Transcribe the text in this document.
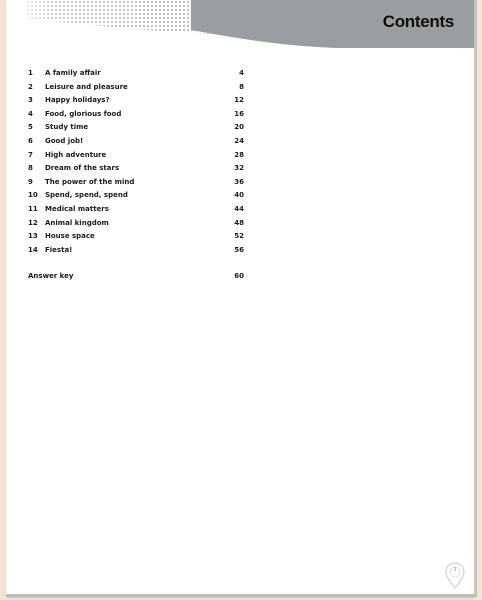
Contents
1 A family affair	4
2 Leisure and pleasure	8
3 Happy holidays?	12
4 Food, glorious food	16
5 Study time	20
6 Good job!	24
7 High adventure	28
8 Dream of the stars	32
9 The power of the mind	36
10 Spend, spend, spend	40
11 Medical matters	44
12 Animal kingdom	48
13 House space	52
14 Fiesta!	56
Answer key	60
3
